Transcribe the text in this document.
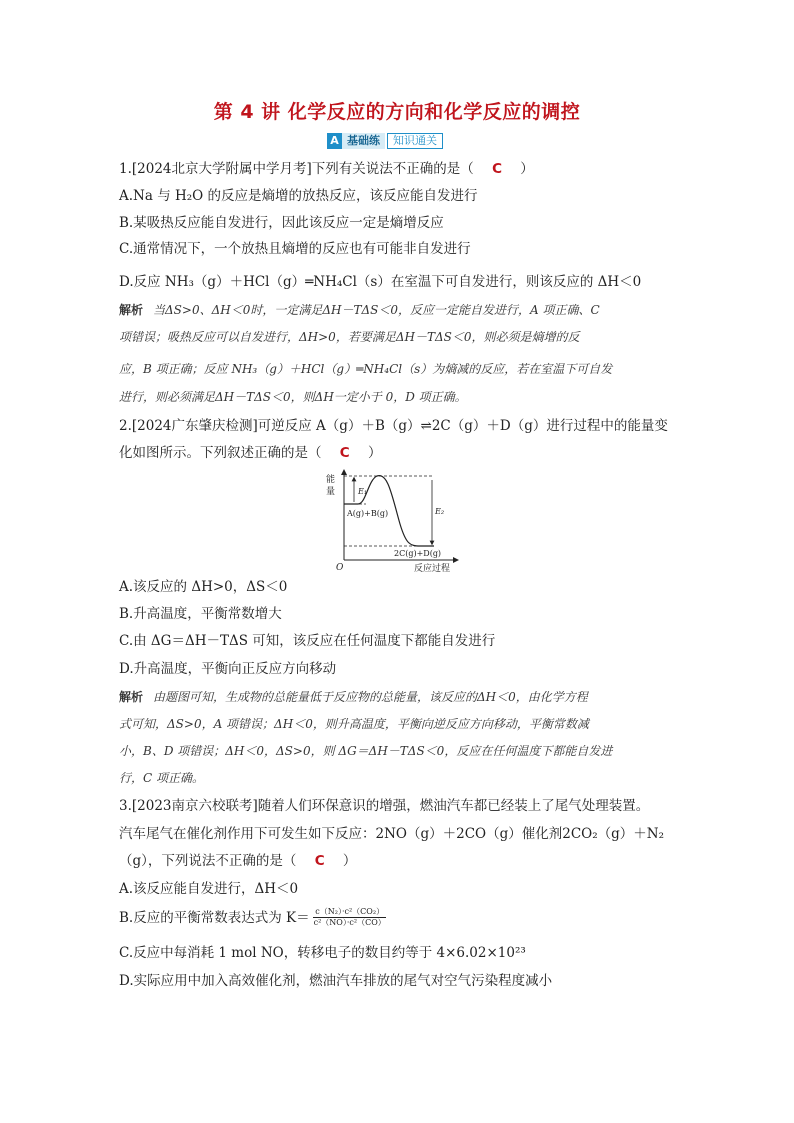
第 4 讲 化学反应的方向和化学反应的调控
A 基础练	知识通关
1.[2024北京大学附属中学月考]下列有关说法不正确的是（ C ）
A.Na 与 H₂O 的反应是熵增的放热反应，该反应能自发进行
B.某吸热反应能自发进行，因此该反应一定是熵增反应
C.通常情况下，一个放热且熵增的反应也有可能非自发进行
D.反应 NH₃（g）＋HCl（g）═NH₄Cl（s）在室温下可自发进行，则该反应的 ΔH＜0
解析 当ΔS>0、ΔH＜0时，一定满足ΔH－TΔS＜0，反应一定能自发进行，A 项正确、C
项错误；吸热反应可以自发进行，ΔH>0，若要满足ΔH－TΔS＜0，则必须是熵增的反
应，B 项正确；反应 NH₃（g）＋HCl（g）═NH₄Cl（s）为熵减的反应，若在室温下可自发
进行，则必须满足ΔH－TΔS＜0，则ΔH一定小于 0，D 项正确。
2.[2024广东肇庆检测]可逆反应 A（g）＋B（g）⇌2C（g）＋D（g）进行过程中的能量变
化如图所示。下列叙述正确的是（ C ）
能
量	E₁
E₂
A(g)+B(g)
2C(g)+D(g)
O	反应过程
A.该反应的 ΔH>0，ΔS＜0
B.升高温度，平衡常数增大
C.由 ΔG＝ΔH－TΔS 可知，该反应在任何温度下都能自发进行
D.升高温度，平衡向正反应方向移动
解析 由题图可知，生成物的总能量低于反应物的总能量，该反应的ΔH＜0，由化学方程
式可知，ΔS>0，A 项错误；ΔH＜0，则升高温度，平衡向逆反应方向移动，平衡常数减
小，B、D 项错误；ΔH＜0，ΔS>0，则 ΔG＝ΔH－TΔS＜0，反应在任何温度下都能自发进
行，C 项正确。
3.[2023南京六校联考]随着人们环保意识的增强，燃油汽车都已经装上了尾气处理装置。
汽车尾气在催化剂作用下可发生如下反应：2NO（g）＋2CO（g）催化剂2CO₂（g）＋N₂
（g），下列说法不正确的是（ C ）
A.该反应能自发进行，ΔH＜0
B.反应的平衡常数表达式为 $K= \frac{\text{c（N₂）·c²（CO₂）}}{\text{c²（NO）·c²（CO）}}$
C.反应中每消耗 1 mol NO，转移电子的数目约等于 4×6.02×10²³
D.实际应用中加入高效催化剂，燃油汽车排放的尾气对空气污染程度减小
